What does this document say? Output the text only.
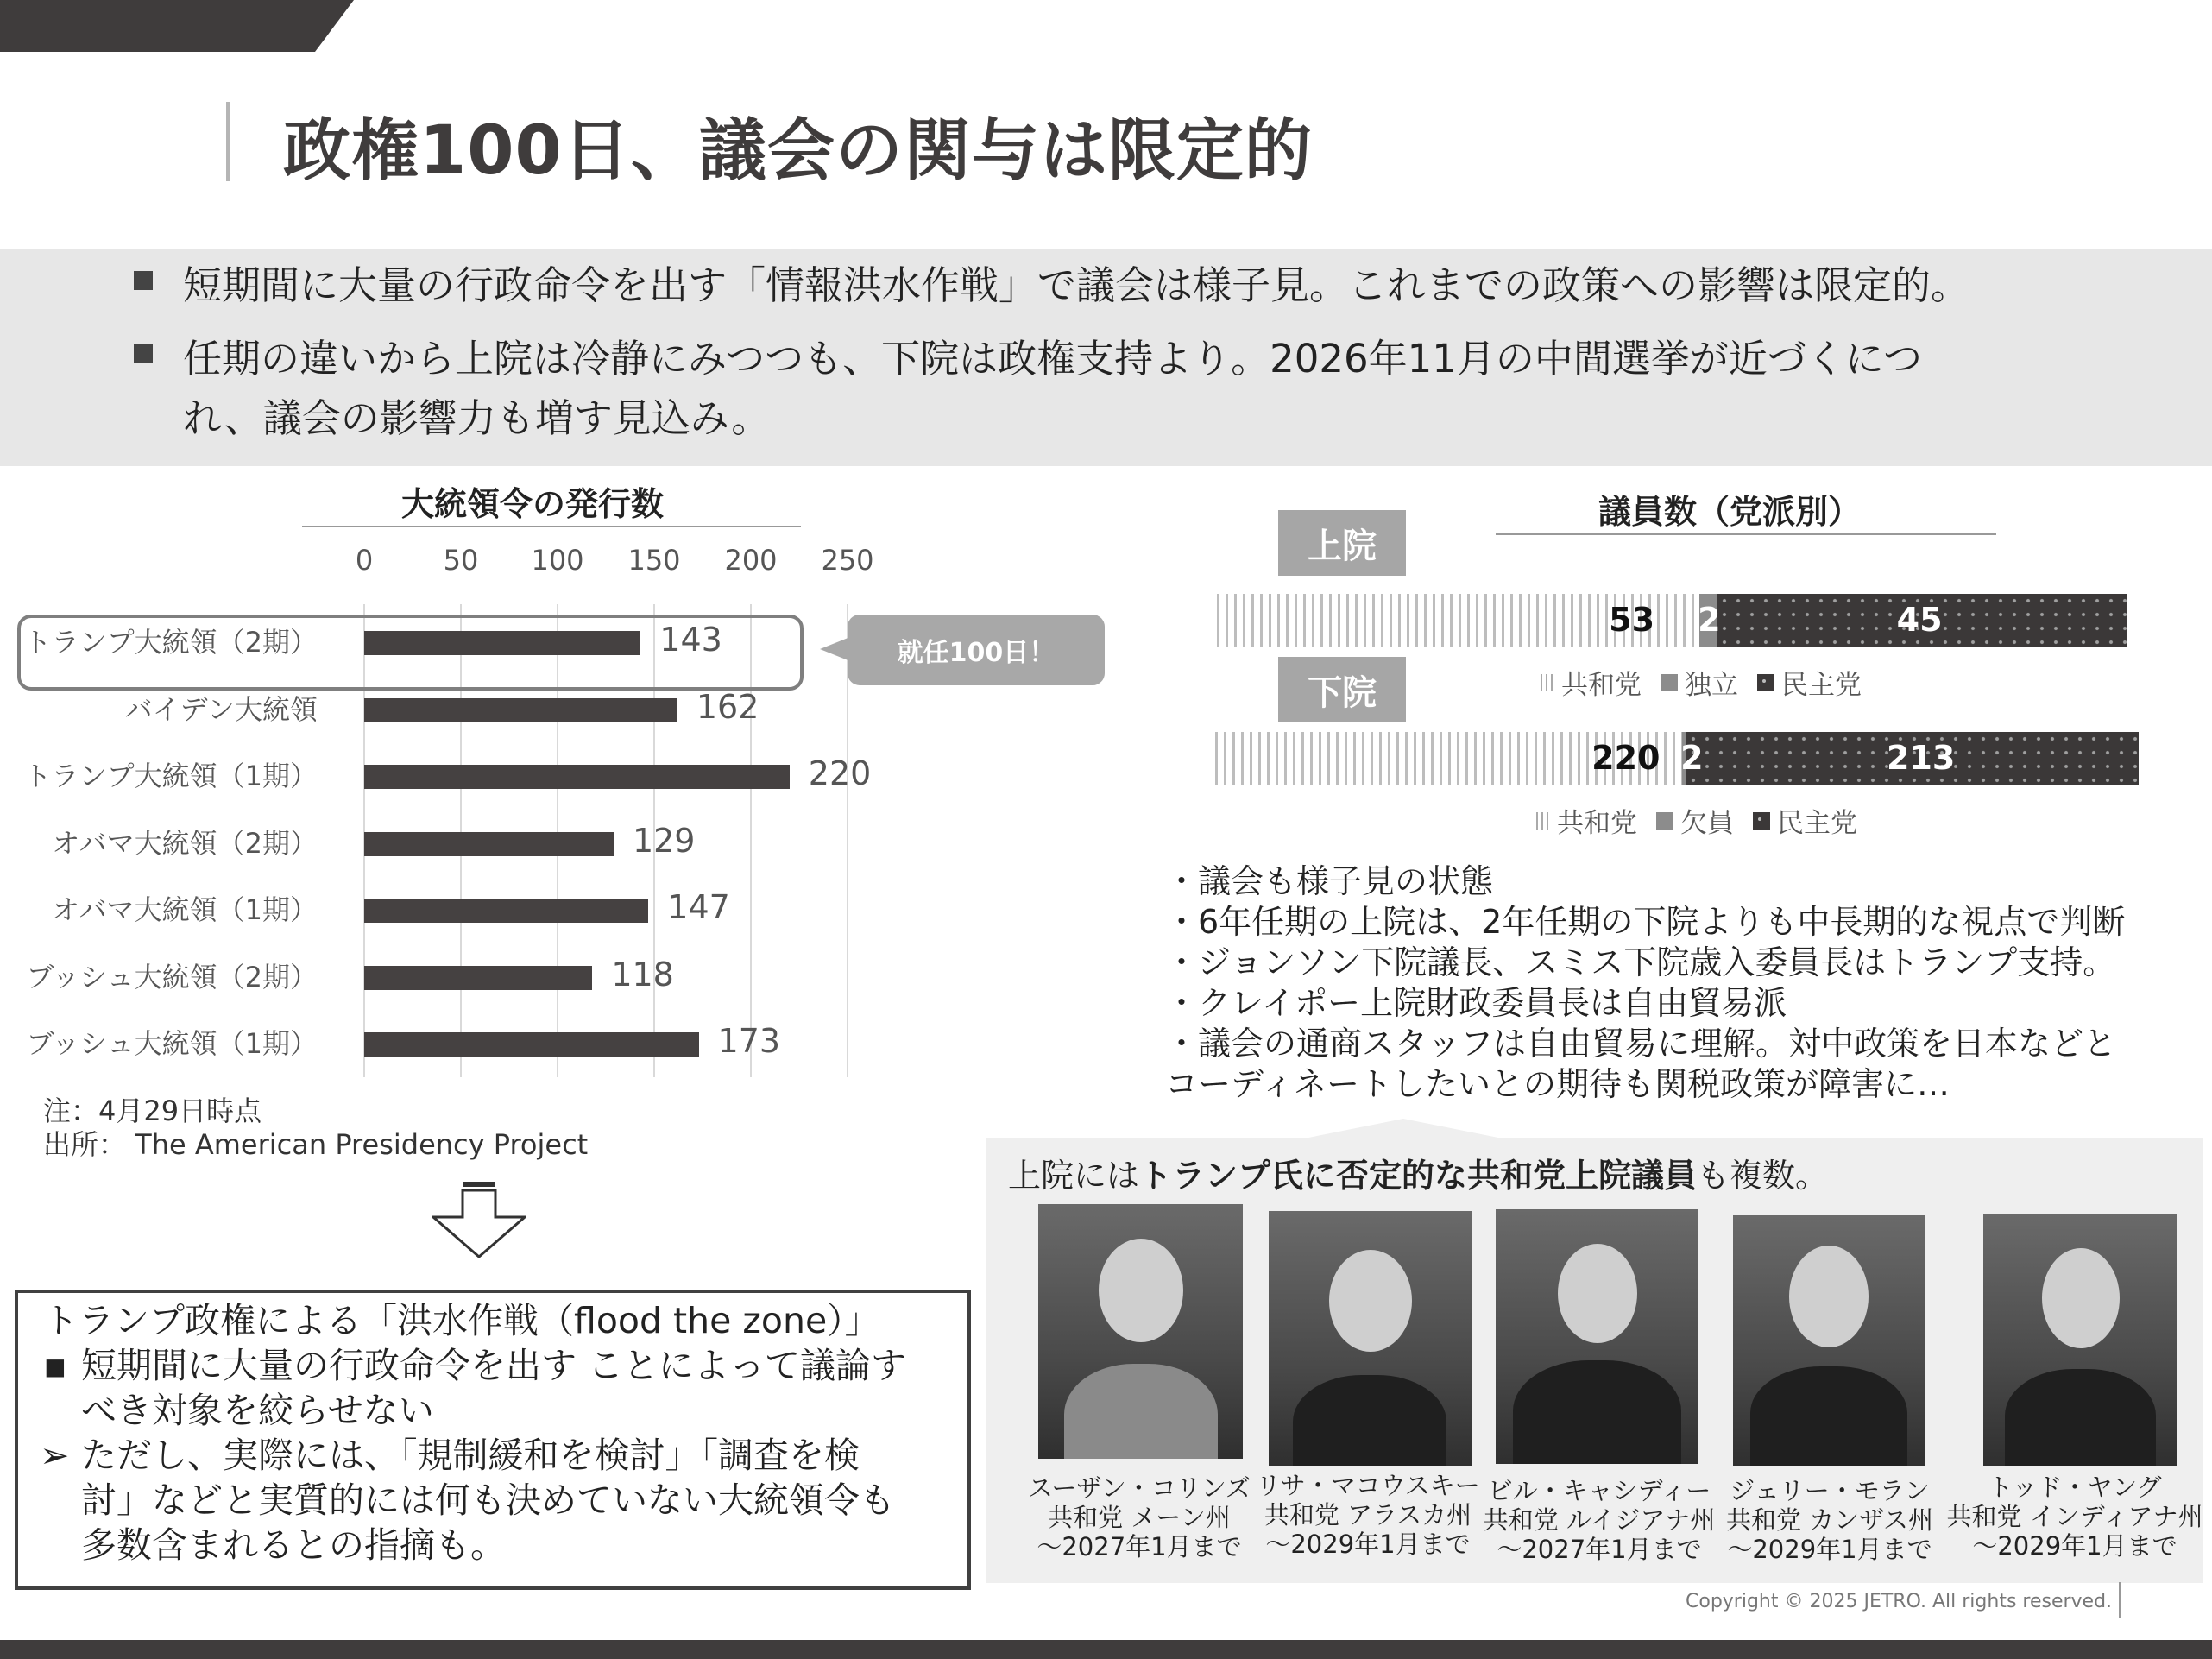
政権100日、議会の関与は限定的
短期間に大量の行政命令を出す「情報洪水作戦」で議会は様子見。これまでの政策への影響は限定的。
任期の違いから上院は冷静にみつつも、下院は政権支持より。2026年11月の中間選挙が近づくにつ
れ、議会の影響力も増す見込み。
大統領令の発行数
0	50	100 150 200 250
トランプ大統領（2期）	143
バイデン大統領	162
トランプ大統領（1期）	220
オバマ大統領（2期）	129
オバマ大統領（1期）	147
ブッシュ大統領（2期）	118
ブッシュ大統領（1期）	173
就任100日！
注：4月29日時点
出所： The American Presidency Project
トランプ政権による「洪水作戦（flood the zone）」
▪ 短期間に大量の行政命令を出す ことによって議論す
べき対象を絞らせない
➢ ただし、実際には、「規制緩和を検討」「調査を検
討」などと実質的には何も決めていない大統領令も
多数含まれるとの指摘も。
議員数（党派別）
上院
53 2	45
共和党 独立 民主党
下院
220 2	213
共和党 欠員 民主党
・議会も様子見の状態
・6年任期の上院は、2年任期の下院よりも中長期的な視点で判断
・ジョンソン下院議長、スミス下院歳入委員長はトランプ支持。
・クレイポー上院財政委員長は自由貿易派
・議会の通商スタッフは自由貿易に理解。対中政策を日本などと
コーディネートしたいとの期待も関税政策が障害に…
上院にはトランプ氏に否定的な共和党上院議員も複数。
スーザン・コリンズ
共和党 メーン州
～2027年1月まで
リサ・マコウスキー
共和党 アラスカ州
～2029年1月まで
ビル・キャシディー
共和党 ルイジアナ州
～2027年1月まで
ジェリー・モラン
共和党 カンザス州
～2029年1月まで
トッド・ヤング
共和党 インディアナ州
～2029年1月まで
Copyright © 2025 JETRO. All rights reserved.
